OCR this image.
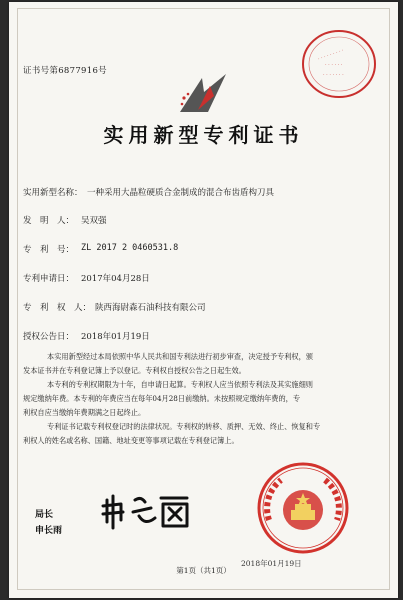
证书号第6877916号
· · · · · · · · ·
· · · · · ·
· · · · · · ·
实用新型专利证书
实用新型名称： 一种采用大晶粒硬质合金制成的混合布齿盾构刀具
发　明　人： 吴双强
专　利　号： ZL 2017 2 0460531.8
专利申请日： 2017年04月28日
专　利　权　人： 陕西海尉森石油科技有限公司
授权公告日： 2018年01月19日

本实用新型经过本局依照中华人民共和国专利法进行初步审查，决定授予专利权，颁

发本证书并在专利登记簿上予以登记。专利权自授权公告之日起生效。

本专利的专利权期限为十年，自申请日起算。专利权人应当依照专利法及其实施细则

规定缴纳年费。本专利的年费应当在每年04月28日前缴纳。未按照规定缴纳年费的，专

利权自应当缴纳年费期满之日起终止。

专利证书记载专利权登记时的法律状况。专利权的转移、质押、无效、终止、恢复和专

利权人的姓名或名称、国籍、地址变更等事项记载在专利登记簿上。

局长
申长雨
2018年01月19日
第1页（共1页）
